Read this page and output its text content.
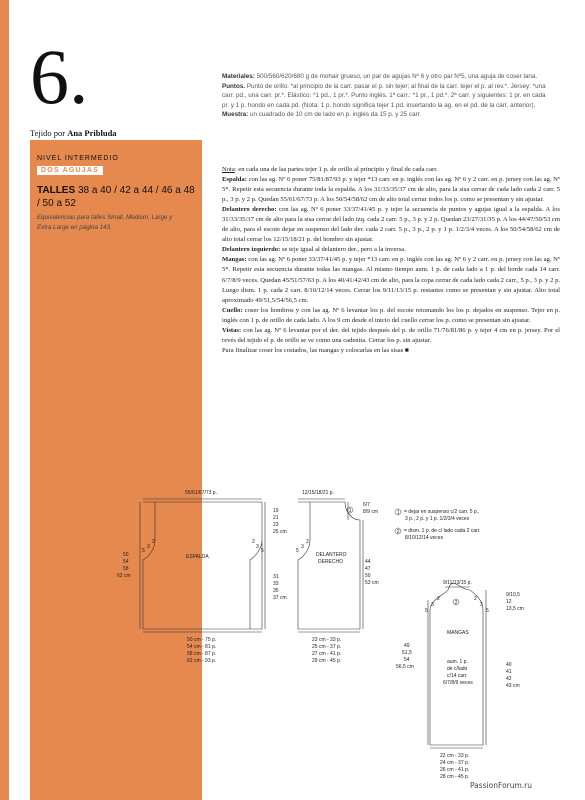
6.
Tejido por Ana Pribluda
NIVEL INTERMEDIO
DOS AGUJAS
TALLES 38 a 40 / 42 a 44 / 46 a 48 / 50 a 52
Equivalencias para talles Small, Medium, Large y Extra Large en página 143.
Materiales: 500/560/620/680 g de mohair grueso, un par de agujas Nº 6 y otro par Nº5, una aguja de coser lana. Puntos. Punto de orillo: *al principio de la carr. pasar el p. sin tejer; al final de la carr. tejer el p. al rev.*. Jersey: *una carr. pd., una carr. pr.*. Elástico: *1 pd., 1 pr.*. Punto inglés. 1ª carr.: *1 pr., 1 pd.*. 2ª carr. y siguientes: 1 pr. en cada pr. y 1 p. hondo en cada pd. (Nota: 1 p. hondo significa tejer 1 pd. insertando la ag. en el pd. de la carr. anterior). Muestra: un cuadrado de 10 cm de lado en p. inglés da 15 p. y 25 carr.

Nota: en cada una de las partes tejer 1 p. de orillo al principio y final de cada carr.

Espalda: con las ag. Nº 6 poner 75/81/87/93 p. y tejer *13 carr. en p. inglés con las ag. Nº 6 y 2 carr. en p. jersey con las ag. Nº 5*. Repetir esta secuencia durante toda la espalda. A los 31/33/35/37 cm de alto, para la sisa cerrar de cada lado cada 2 carr. 5 p., 3 p. y 2 p. Quedan 55/61/67/73 p. A los 50/54/58/62 cm de alto total cerrar todos los p. como se presentan y sin ajustar.

Delantero derecho: con las ag. Nº 6 poner 33/37/41/45 p. y tejer la secuencia de puntos y agujas igual a la espalda. A los 31/33/35/37 cm de alto para la sisa cerrar del lado izq. cada 2 carr. 5 p., 3 p. y 2 p. Quedan 23/27/31/35 p. A los 44/47/50/53 cm de alto, para el escote dejar en suspenso del lado der. cada 2 carr. 5 p., 3 p., 2 p. y 1 p. 1/2/3/4 veces. A los 50/54/58/62 cm de alto total cerrar los 12/15/18/21 p. del hombro sin ajustar.

Delantero izquierdo: se teje igual al delantero der., pero a la inversa.

Mangas: con las ag. Nº 6 poner 33/37/41/45 p. y tejer *13 carr. en p. inglés con las ag. Nº 6 y 2 carr. en p. jersey con las ag. Nº 5*. Repetir esta secuencia durante todas las mangas. Al mismo tiempo aum. 1 p. de cada lado a 1 p. del borde cada 14 carr. 6/7/8/9 veces. Quedan 45/51/57/63 p. A los 40/41/42/43 cm de alto, para la copa cerrar de cada lado cada 2 carr., 5 p., 3 p. y 2 p. Luego dism. 1 p. cada 2 carr. 8/10/12/14 veces. Cerrar los 9/11/13/15 p. restantes como se presentan y sin ajustar. Alto total aproximado 49/51,5/54/56,5 cm.

Cuello: coser los hombros y con las ag. Nº 6 levantar los p. del escote retomando los los p. dejados en suspenso. Tejer en p. inglés con 1 p. de orillo de cada lado. A los 9 cm desde el inicio del cuello cerrar los p. como se presentan sin ajustar.

Vistas: con las ag. Nº 6 levantar por el der. del tejido después del p. de orillo 71/76/81/86 p. y tejer 4 cm en p. jersey. Por el revés del tejido el p. de orillo se ve como una cadenita. Cerrar los p. sin ajustar.

Para finalizar coser los costados, las mangas y colocarlas en las sisas ■

55/61/67/73 p.
ESPALDA
19
21
23
25 cm
50
54
58
62 cm	31
33
35
37 cm
5
3
2	2
3
5
50 cm - 75 p.
54 cm - 81 p.
58 cm - 87 p.
62 cm - 93 p.
12/15/18/21 p.
6/7
8/9 cm
DELANTERO
DERECHO	44
47
50
53 cm
5
3
2
23 cm - 33 p.
25 cm - 37 p.
27 cm - 41 p.
29 cm - 45 p.
1	1 = dejar en suspenso c/2 carr. 5 p.,
3 p., 2 p. y 1 p. 1/2/3/4 veces
2 = dism. 1 p. de c/ lado cada 2 carr.
8/10/12/14 veces
9/11/13/15 p.
2
9/10,5
12
13,5 cm
MANGAS
49
51,5
54
56,5 cm	40
41
42
43 cm
aum. 1 p.
de c/lado
c/14 carr.
6/7/8/9 veces
5
3
2	2
3
5
22 cm - 33 p.
24 cm - 37 p.
26 cm - 41 p.
28 cm - 45 p.
PassionForum.ru
